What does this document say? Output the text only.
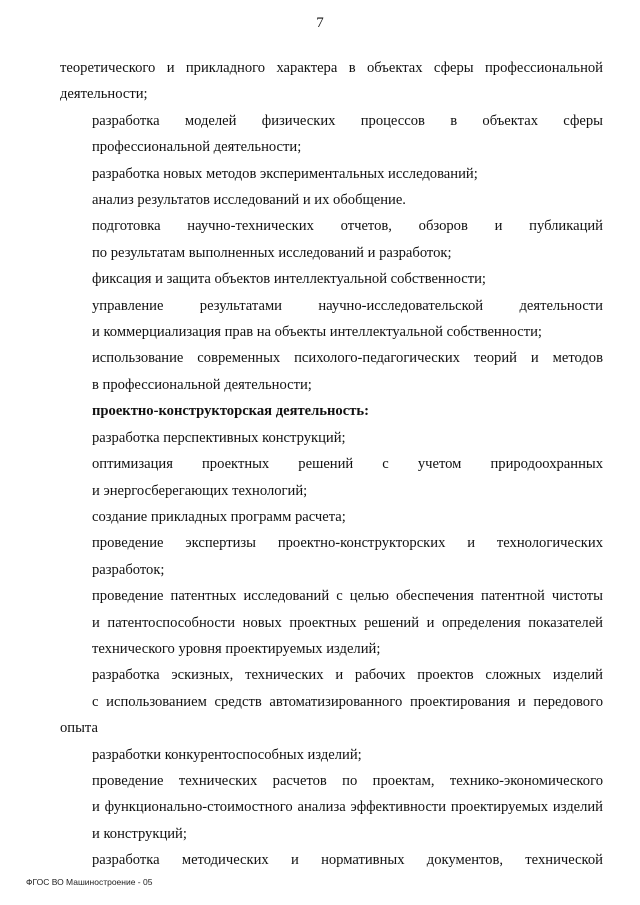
7

теоретического и прикладного характера в объектах сферы профессиональной
деятельности;

разработка моделей физических процессов в объектах сферы
профессиональной деятельности;

разработка новых методов экспериментальных исследований;

анализ результатов исследований и их обобщение.

подготовка научно-технических отчетов, обзоров и публикаций
по результатам выполненных исследований и разработок;

фиксация и защита объектов интеллектуальной собственности;

управление результатами научно-исследовательской деятельности
и коммерциализация прав на объекты интеллектуальной собственности;

использование современных психолого-педагогических теорий и методов
в профессиональной деятельности;

проектно-конструкторская деятельность:

разработка перспективных конструкций;

оптимизация проектных решений с учетом природоохранных
и энергосберегающих технологий;

создание прикладных программ расчета;

проведение экспертизы проектно-конструкторских и технологических
разработок;

проведение патентных исследований с целью обеспечения патентной чистоты
и патентоспособности новых проектных решений и определения показателей
технического уровня проектируемых изделий;

разработка эскизных, технических и рабочих проектов сложных изделий
с использованием средств автоматизированного проектирования и передового опыта
разработки конкурентоспособных изделий;

проведение технических расчетов по проектам, технико-экономического
и функционально-стоимостного анализа эффективности проектируемых изделий
и конструкций;

разработка методических и нормативных документов, технической

ФГОС ВО Машиностроение - 05
